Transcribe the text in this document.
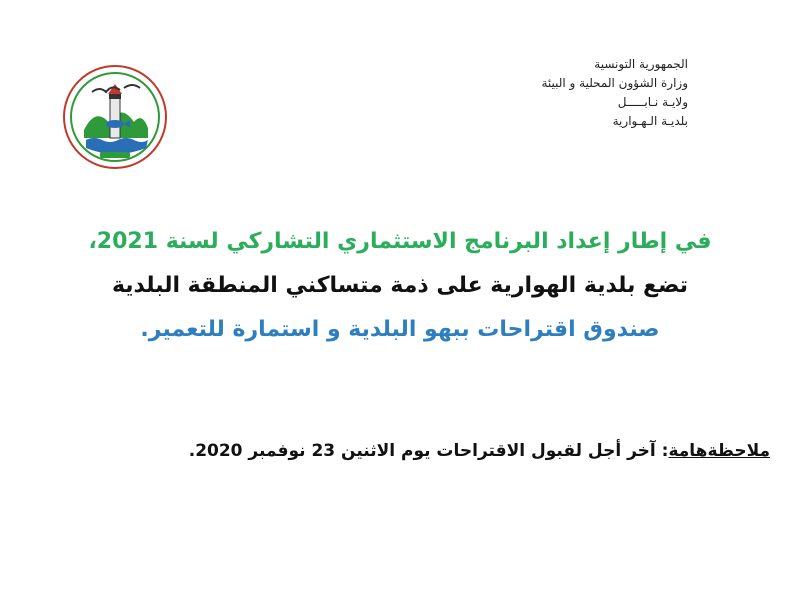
الجمهورية التونسية
وزارة الشؤون المحلية و البيئة
ولايـة نـابـــــل
بلديـة الـهـوارية
في إطار إعداد البرنامج الاستثماري التشاركي لسنة 2021،
تضع بلدية الهوارية على ذمة متساكني المنطقة البلدية
صندوق اقتراحات ببهو البلدية و استمارة للتعمير.
ملاحظةهامة: آخر أجل لقبول الاقتراحات يوم الاثنين 23 نوفمبر 2020.
